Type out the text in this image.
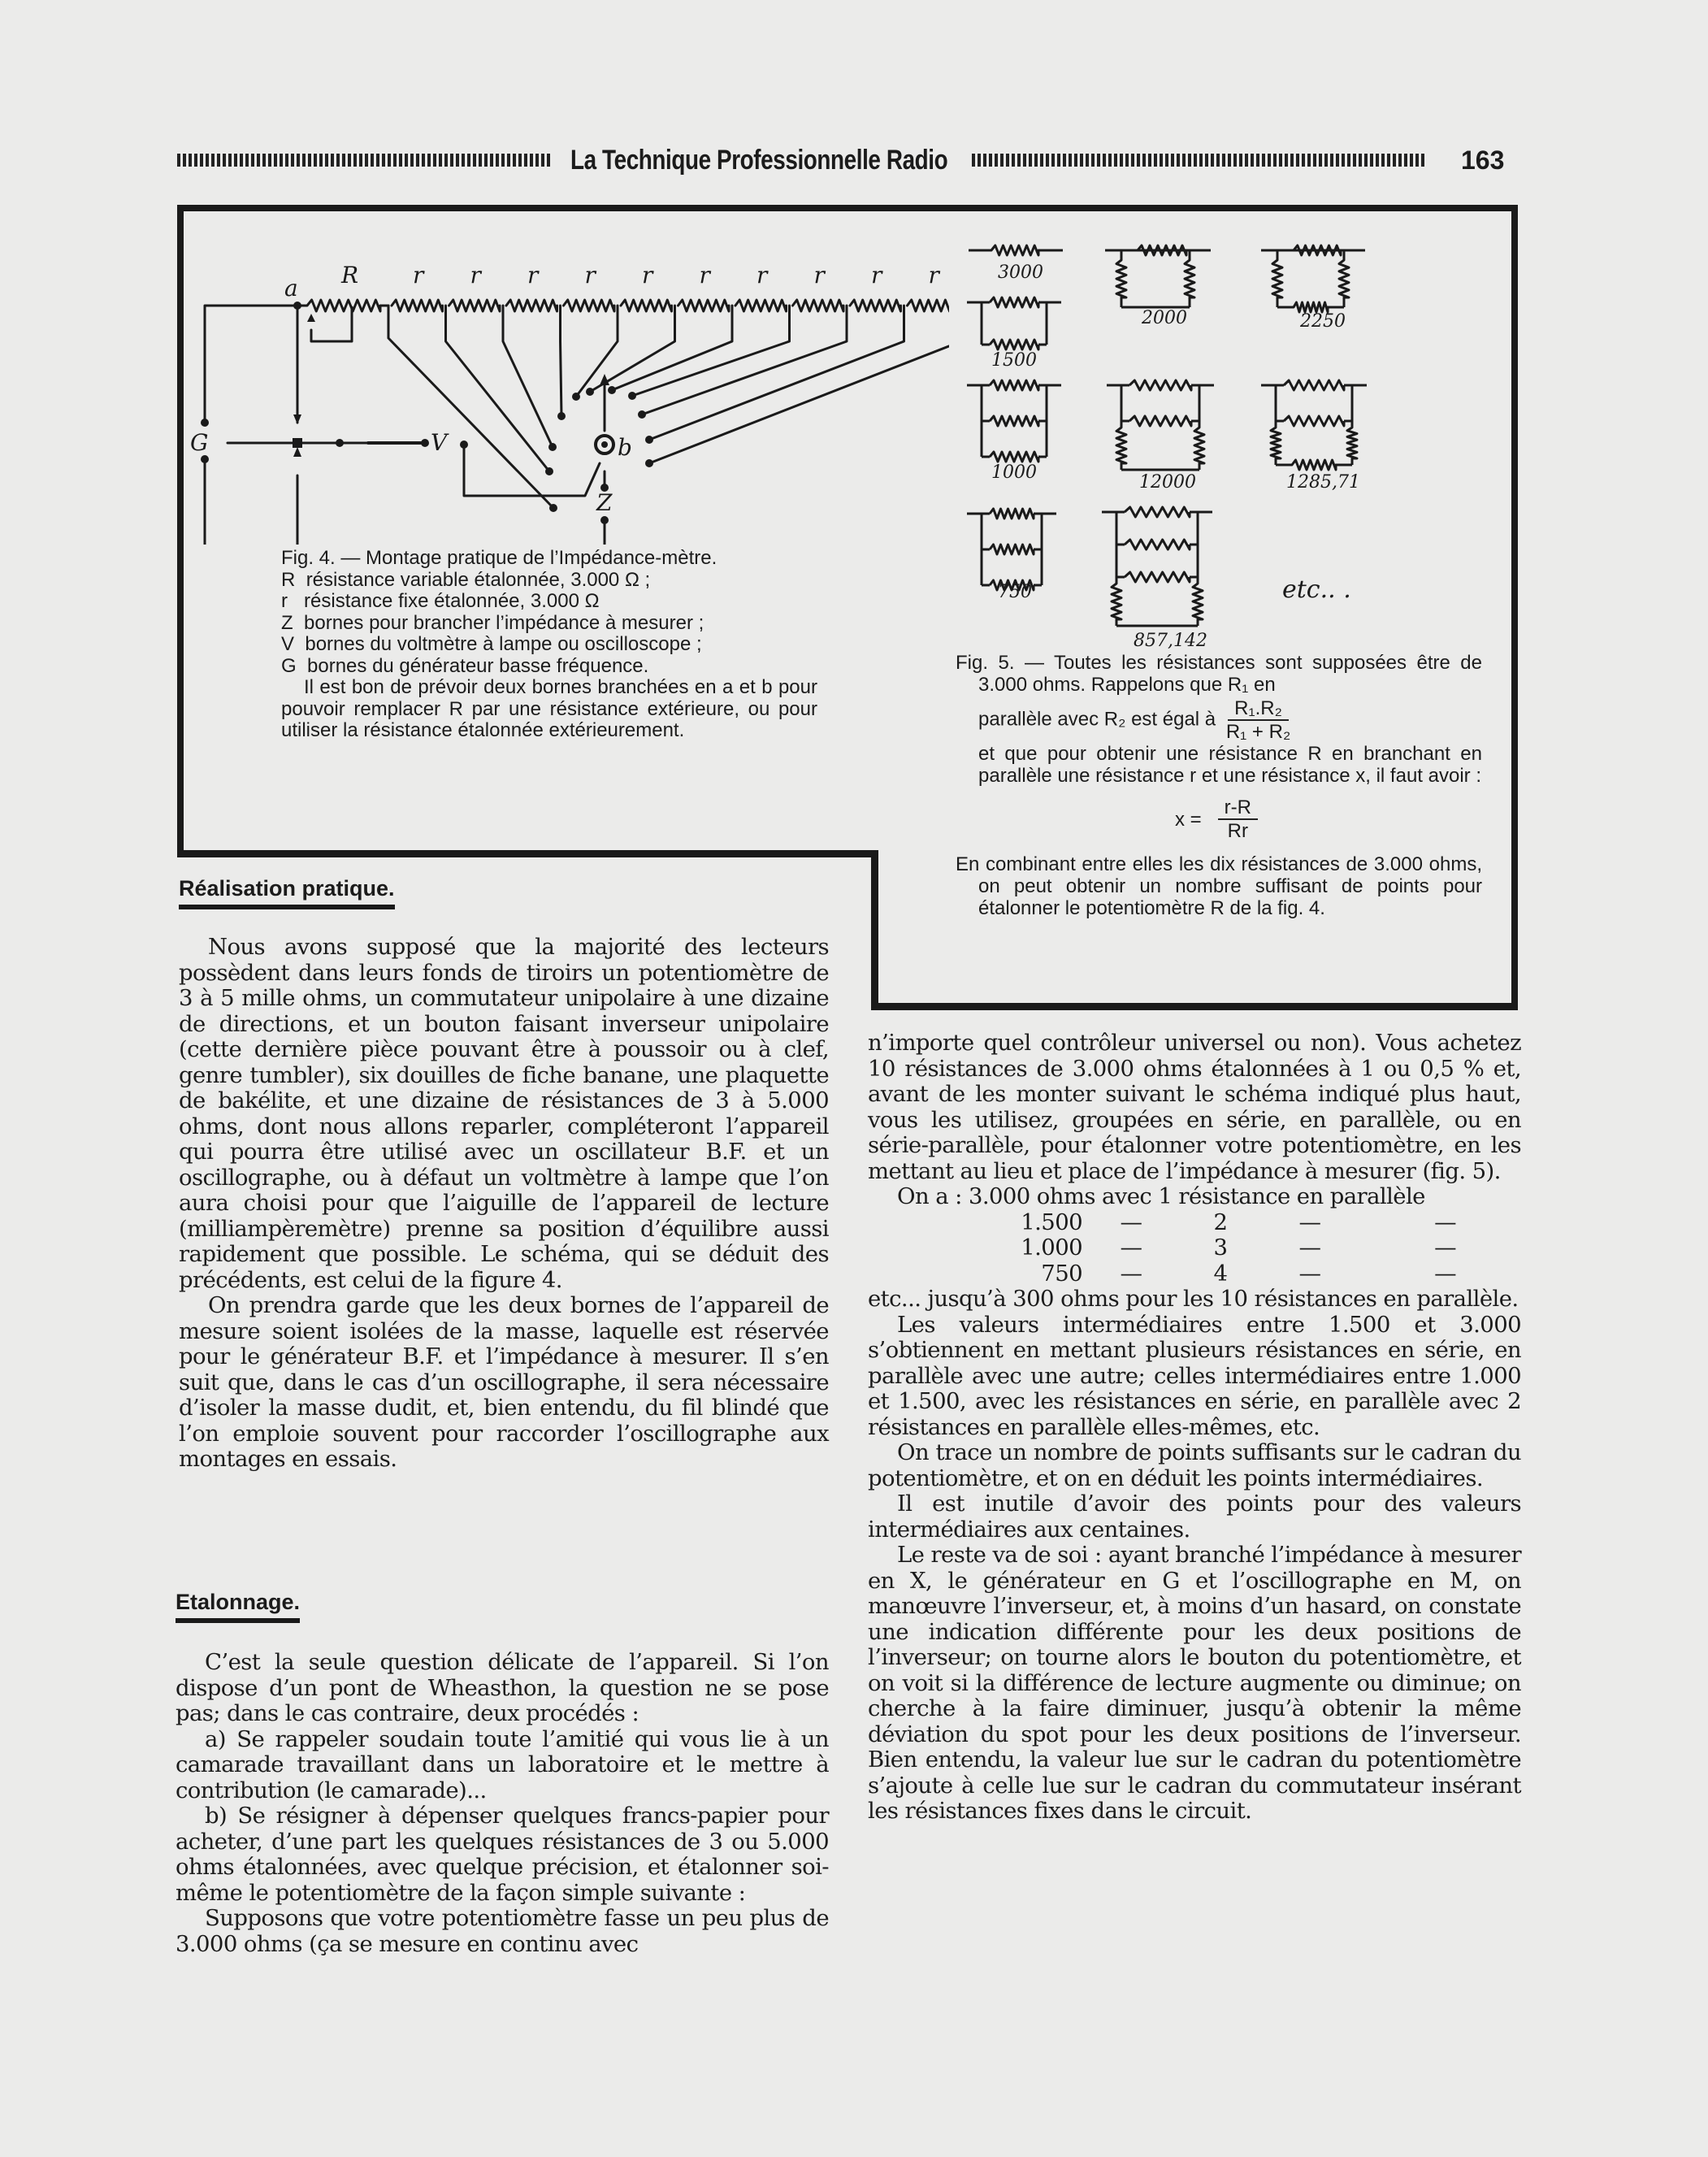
La Technique Professionnelle Radio	163
a R r r r r r r r r r r
G	V	b
Z

Fig. 4. — Montage pratique de l’Impédance-mètre.

R résistance variable étalonnée, 3.000 Ω ;

r résistance fixe étalonnée, 3.000 Ω

Z bornes pour brancher l’impédance à mesurer ;

V bornes du voltmètre à lampe ou oscilloscope ;

G bornes du générateur basse fréquence.

Il est bon de prévoir deux bornes branchées en a et b pour pouvoir remplacer R par une résistance extérieure, ou pour utiliser la résistance étalonnée extérieurement.

3000
1500
1000
750
2000
12000
857,142
2250
1285,71
etc.. .

Fig. 5. — Toutes les résistances sont supposées être de 3.000 ohms. Rappelons que R₁ en

parallèle avec R₂ est égal à $\frac{\text{R₁.R₂}}{\text{R₁ + R₂}}$

et que pour obtenir une résistance R en branchant en parallèle une résistance r et une résistance x, il faut avoir :

$x = \frac{r-R}{Rr}$

En combinant entre elles les dix résistances de 3.000 ohms, on peut obtenir un nombre suffisant de points pour étalonner le potentiomètre R de la fig. 4.

Réalisation pratique.

Nous avons supposé que la majorité des lecteurs possèdent dans leurs fonds de tiroirs un potentiomètre de 3 à 5 mille ohms, un commutateur unipolaire à une dizaine de directions, et un bouton faisant inverseur unipolaire (cette dernière pièce pouvant être à poussoir ou à clef, genre tumbler), six douilles de fiche banane, une plaquette de bakélite, et une dizaine de résistances de 3 à 5.000 ohms, dont nous allons reparler, compléteront l’appareil qui pourra être utilisé avec un oscillateur B.F. et un oscillographe, ou à défaut un voltmètre à lampe que l’on aura choisi pour que l’aiguille de l’appareil de lecture (milliampèremètre) prenne sa position d’équilibre aussi rapidement que possible. Le schéma, qui se déduit des précédents, est celui de la figure 4.

On prendra garde que les deux bornes de l’appareil de mesure soient isolées de la masse, laquelle est réservée pour le générateur B.F. et l’impédance à mesurer. Il s’en suit que, dans le cas d’un oscillographe, il sera nécessaire d’isoler la masse dudit, et, bien entendu, du fil blindé que l’on emploie souvent pour raccorder l’oscillographe aux montages en essais.

Etalonnage.

C’est la seule question délicate de l’appareil. Si l’on dispose d’un pont de Wheasthon, la question ne se pose pas; dans le cas contraire, deux procédés :

a) Se rappeler soudain toute l’amitié qui vous lie à un camarade travaillant dans un laboratoire et le mettre à contribution (le camarade)...

b) Se résigner à dépenser quelques francs-papier pour acheter, d’une part les quelques résistances de 3 ou 5.000 ohms étalonnées, avec quelque précision, et étalonner soi-même le potentiomètre de la façon simple suivante :

Supposons que votre potentiomètre fasse un peu plus de 3.000 ohms (ça se mesure en continu avec

n’importe quel contrôleur universel ou non). Vous achetez 10 résistances de 3.000 ohms étalonnées à 1 ou 0,5 % et, avant de les monter suivant le schéma indiqué plus haut, vous les utilisez, groupées en série, en parallèle, ou en série-parallèle, pour étalonner votre potentiomètre, en les mettant au lieu et place de l’impédance à mesurer (fig. 5).

On a : 3.000 ohms avec 1 résistance en parallèle

1.500	—	2	—	—
1.000	—	3	—	—
750	—	4	—	—

etc... jusqu’à 300 ohms pour les 10 résistances en parallèle.

Les valeurs intermédiaires entre 1.500 et 3.000 s’obtiennent en mettant plusieurs résistances en série, en parallèle avec une autre; celles intermédiaires entre 1.000 et 1.500, avec les résistances en série, en parallèle avec 2 résistances en parallèle elles-mêmes, etc.

On trace un nombre de points suffisants sur le cadran du potentiomètre, et on en déduit les points intermédiaires.

Il est inutile d’avoir des points pour des valeurs intermédiaires aux centaines.

Le reste va de soi : ayant branché l’impédance à mesurer en X, le générateur en G et l’oscillographe en M, on manœuvre l’inverseur, et, à moins d’un hasard, on constate une indication différente pour les deux positions de l’inverseur; on tourne alors le bouton du potentiomètre, et on voit si la différence de lecture augmente ou diminue; on cherche à la faire diminuer, jusqu’à obtenir la même déviation du spot pour les deux positions de l’inverseur. Bien entendu, la valeur lue sur le cadran du potentiomètre s’ajoute à celle lue sur le cadran du commutateur insérant les résistances fixes dans le circuit.
